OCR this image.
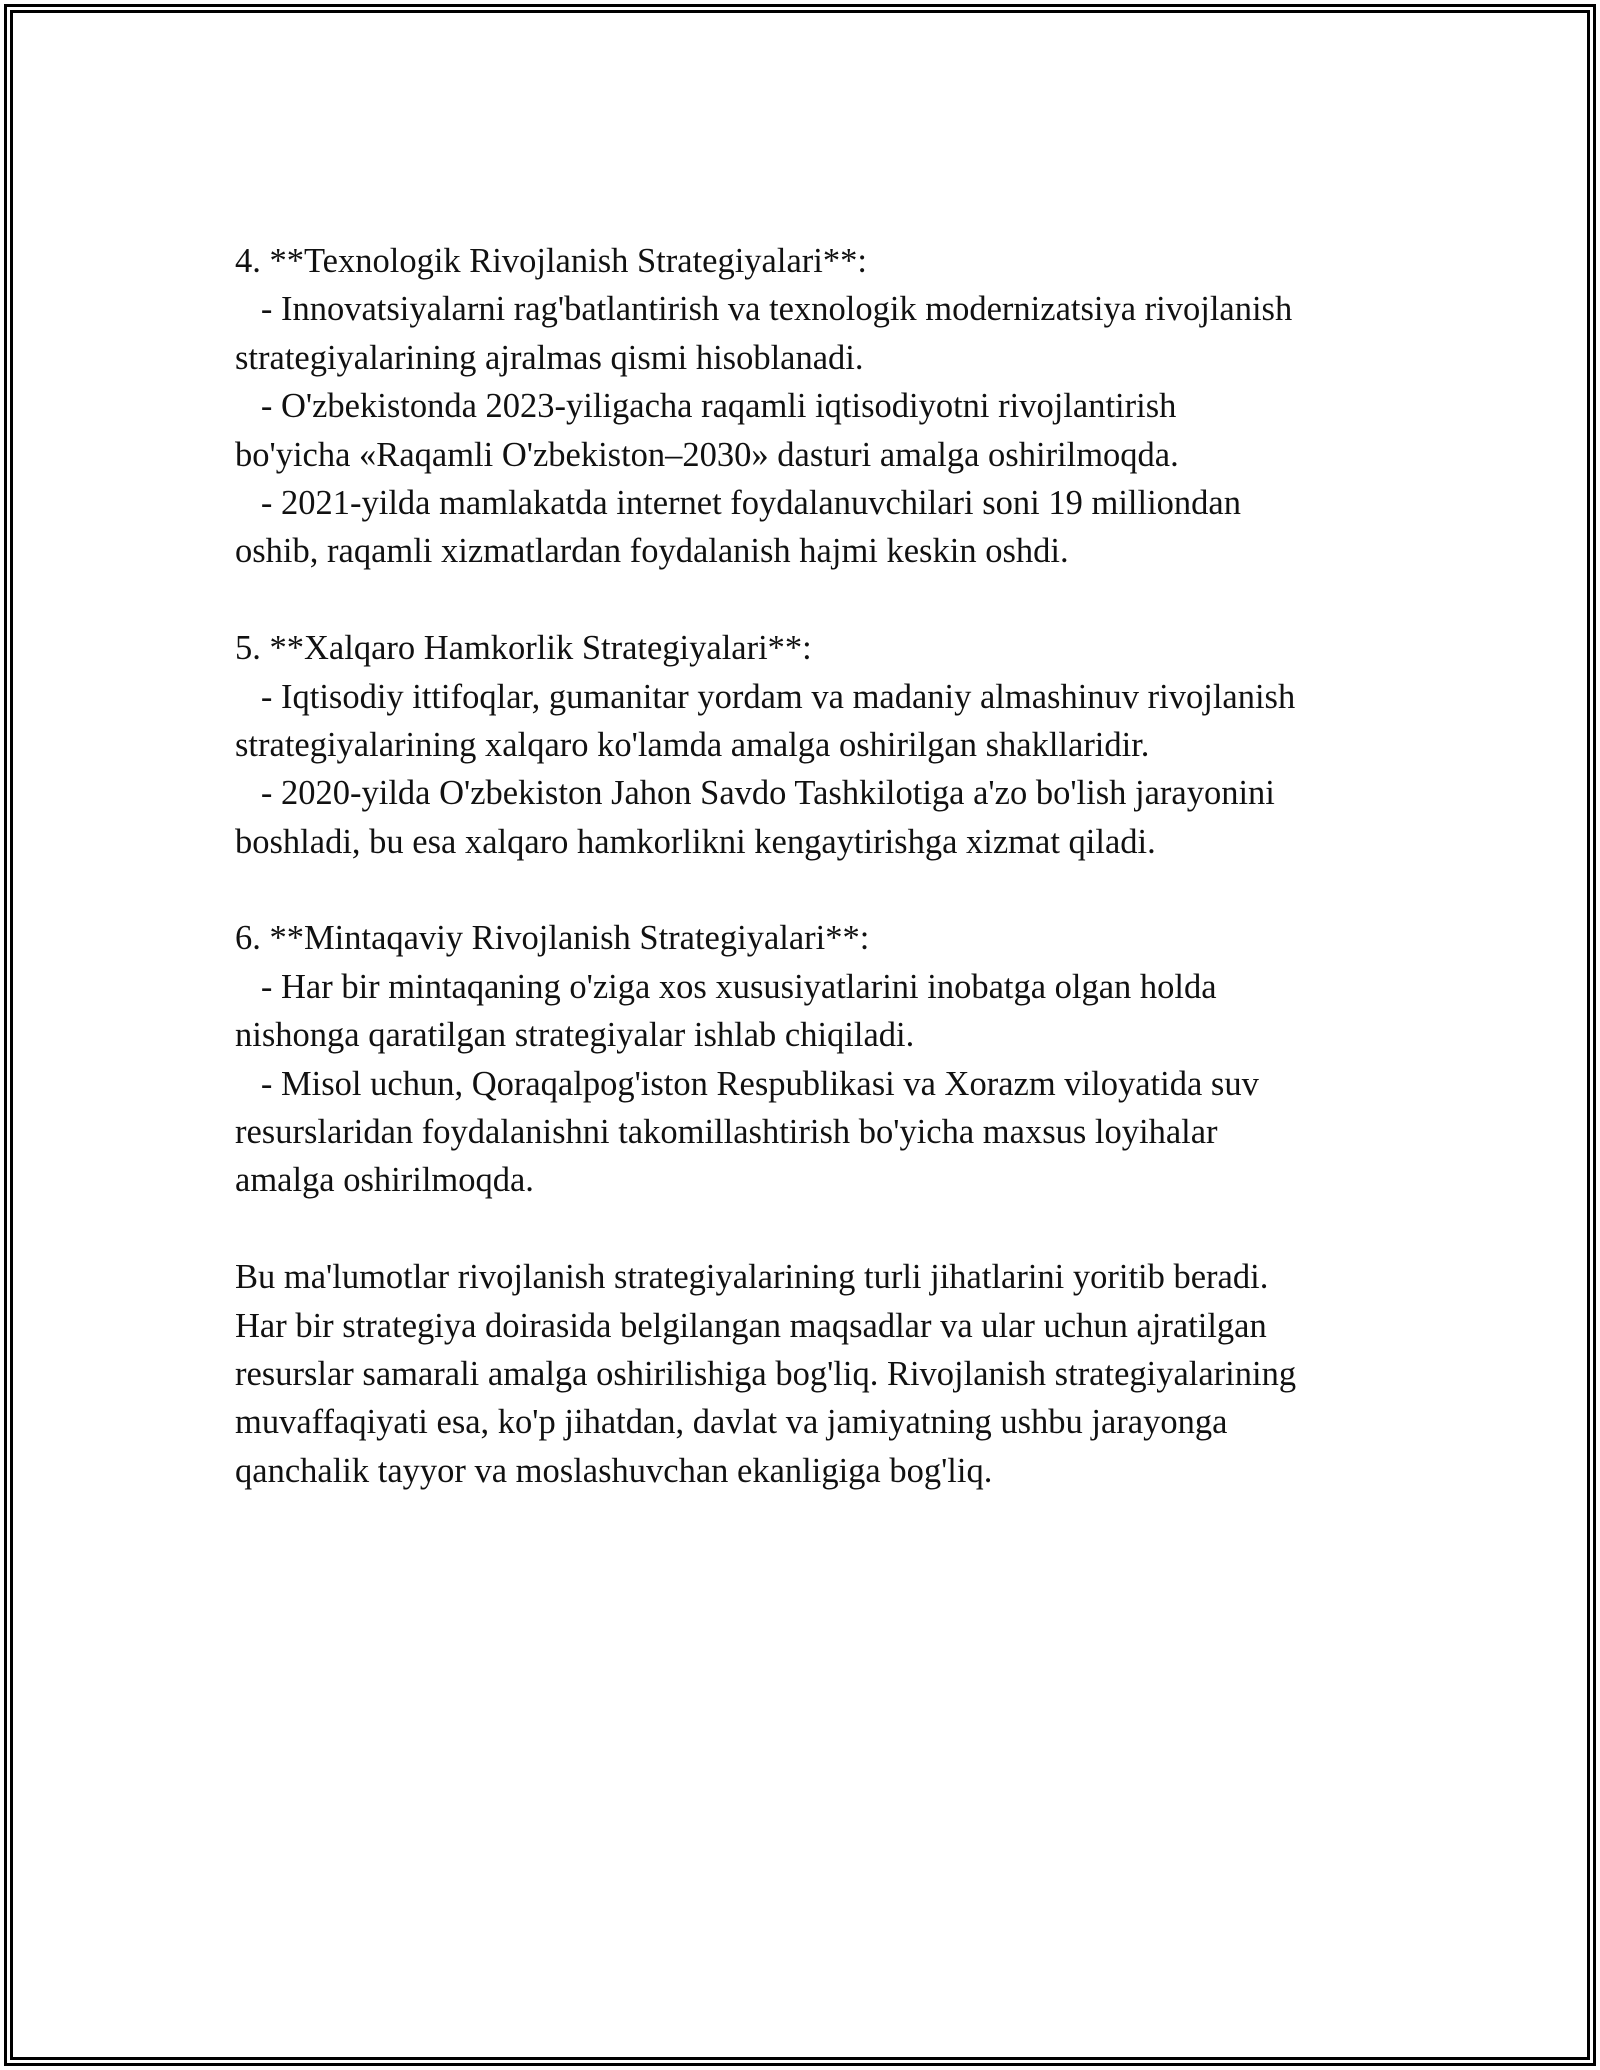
4. **Texnologik Rivojlanish Strategiyalari**:
- Innovatsiyalarni rag'batlantirish va texnologik modernizatsiya rivojlanish
strategiyalarining ajralmas qismi hisoblanadi.
- O'zbekistonda 2023-yiligacha raqamli iqtisodiyotni rivojlantirish
bo'yicha «Raqamli O'zbekiston–2030» dasturi amalga oshirilmoqda.
- 2021-yilda mamlakatda internet foydalanuvchilari soni 19 milliondan
oshib, raqamli xizmatlardan foydalanish hajmi keskin oshdi.
5. **Xalqaro Hamkorlik Strategiyalari**:
- Iqtisodiy ittifoqlar, gumanitar yordam va madaniy almashinuv rivojlanish
strategiyalarining xalqaro ko'lamda amalga oshirilgan shakllaridir.
- 2020-yilda O'zbekiston Jahon Savdo Tashkilotiga a'zo bo'lish jarayonini
boshladi, bu esa xalqaro hamkorlikni kengaytirishga xizmat qiladi.
6. **Mintaqaviy Rivojlanish Strategiyalari**:
- Har bir mintaqaning o'ziga xos xususiyatlarini inobatga olgan holda
nishonga qaratilgan strategiyalar ishlab chiqiladi.
- Misol uchun, Qoraqalpog'iston Respublikasi va Xorazm viloyatida suv
resurslaridan foydalanishni takomillashtirish bo'yicha maxsus loyihalar
amalga oshirilmoqda.
Bu ma'lumotlar rivojlanish strategiyalarining turli jihatlarini yoritib beradi.
Har bir strategiya doirasida belgilangan maqsadlar va ular uchun ajratilgan
resurslar samarali amalga oshirilishiga bog'liq. Rivojlanish strategiyalarining
muvaffaqiyati esa, ko'p jihatdan, davlat va jamiyatning ushbu jarayonga
qanchalik tayyor va moslashuvchan ekanligiga bog'liq.
